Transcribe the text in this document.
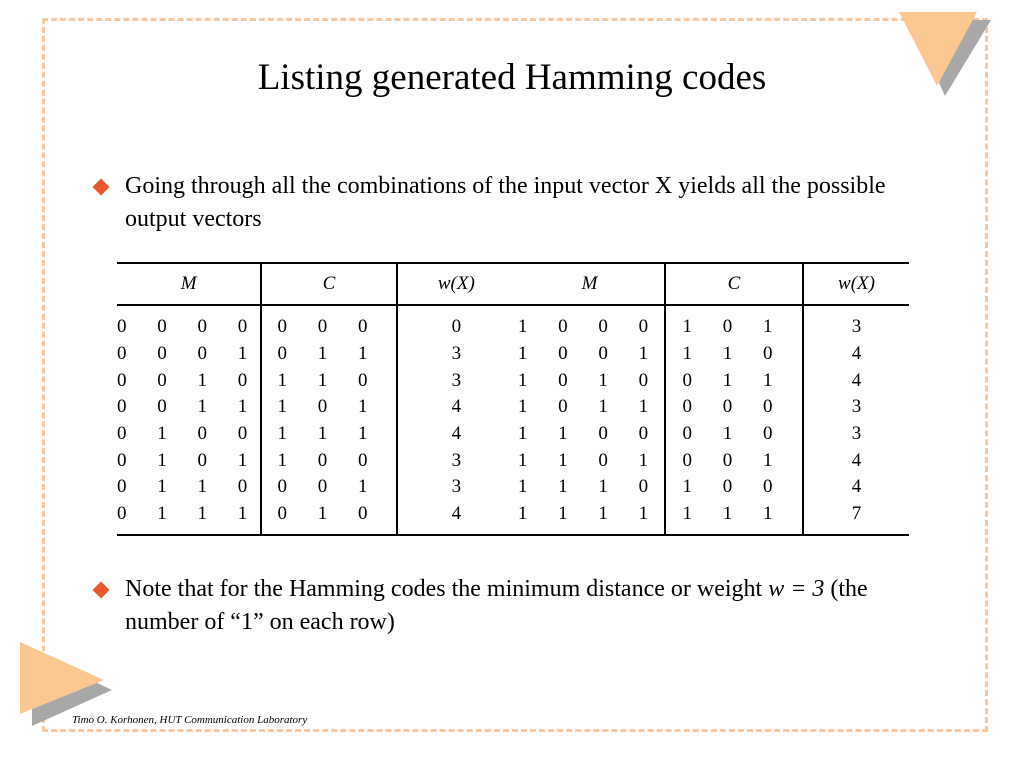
Listing generated Hamming codes
Going through all the combinations of the input vector X yields all the possible output vectors
M	C	w(X)
0 0 0 0	0 0 0	0
0 0 0 1	0 1 1	3
0 0 1 0	1 1 0	3
0 0 1 1	1 0 1	4
0 1 0 0	1 1 1	4
0 1 0 1	1 0 0	3
0 1 1 0	0 0 1	3
0 1 1 1	0 1 0	4
M	C	w(X)
1 0 0 0	1 0 1	3
1 0 0 1	1 1 0	4
1 0 1 0	0 1 1	4
1 0 1 1	0 0 0	3
1 1 0 0	0 1 0	3
1 1 0 1	0 0 1	4
1 1 1 0	1 0 0	4
1 1 1 1	1 1 1	7
Note that for the Hamming codes the minimum distance or weight w = 3 (the number of “1” on each row)
Timo O. Korhonen, HUT Communication Laboratory
